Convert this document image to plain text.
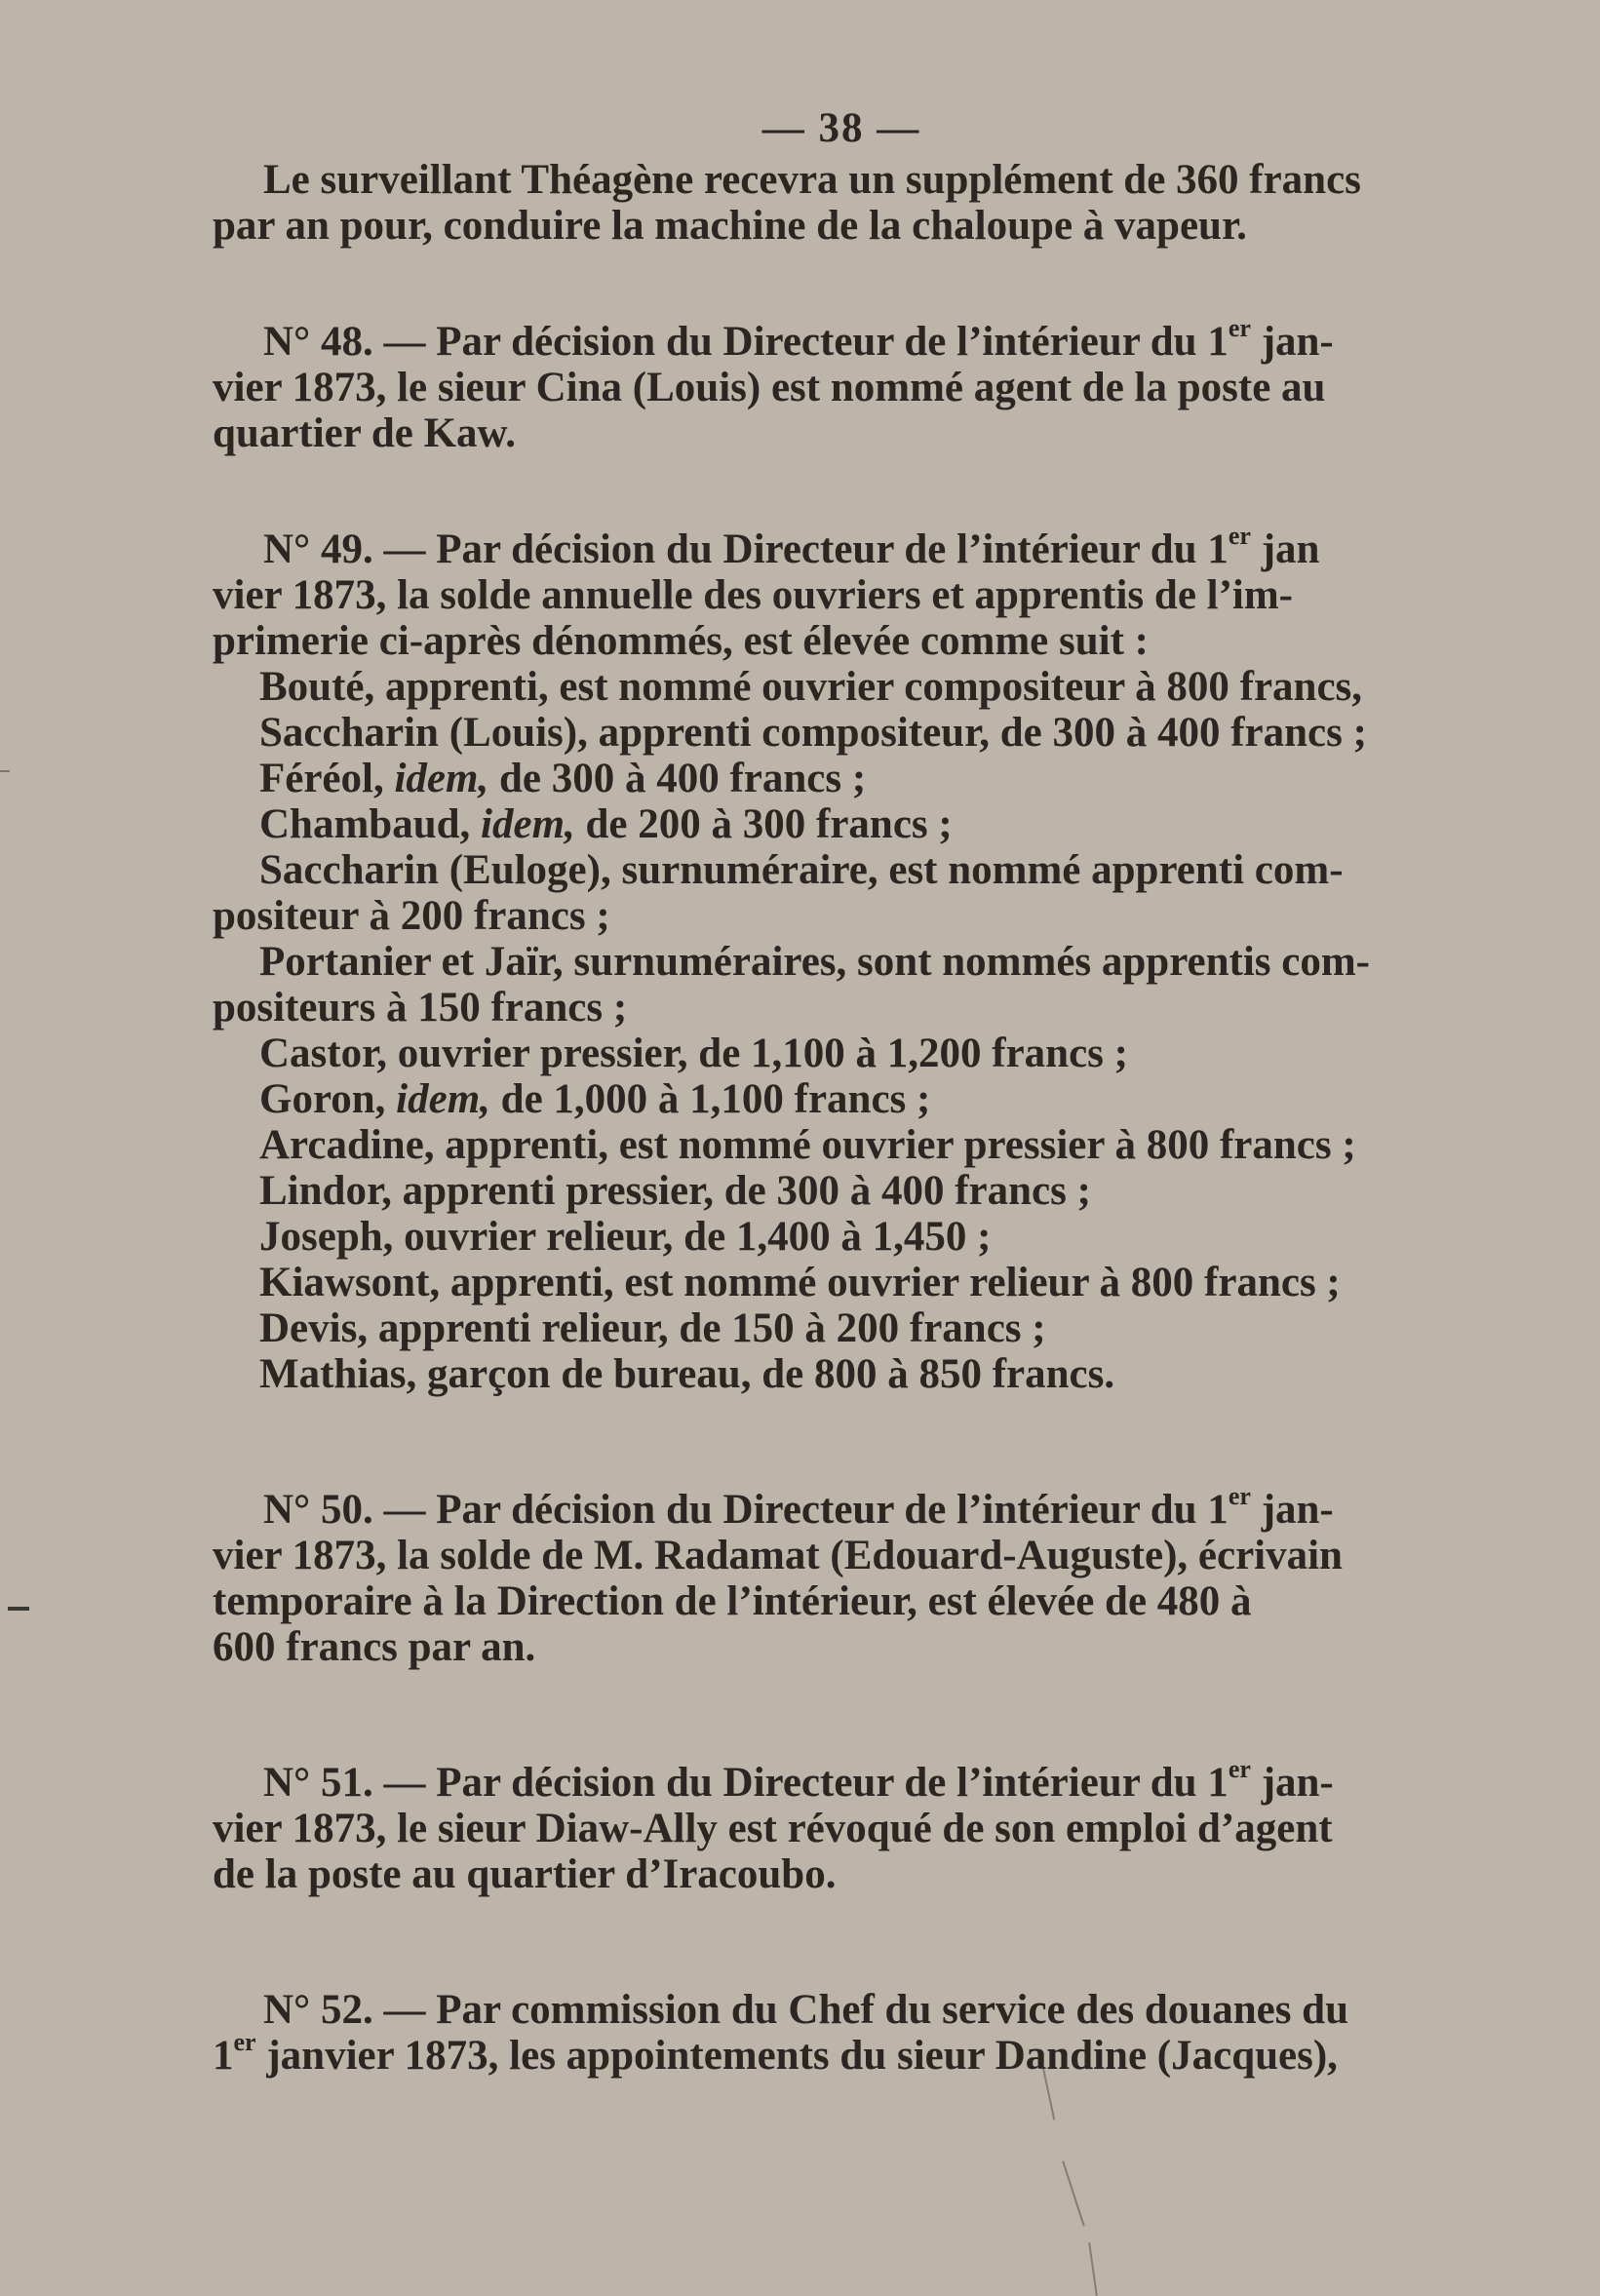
— 38 —

Le surveillant Théagène recevra un supplément de 360 francs

par an pour, conduire la machine de la chaloupe à vapeur.

N° 48. — Par décision du Directeur de l’intérieur du 1er jan-

vier 1873, le sieur Cina (Louis) est nommé agent de la poste au

quartier de Kaw.

N° 49. — Par décision du Directeur de l’intérieur du 1er jan

vier 1873, la solde annuelle des ouvriers et apprentis de l’im-

primerie ci-après dénommés, est élevée comme suit :

Bouté, apprenti, est nommé ouvrier compositeur à 800 francs,

Saccharin (Louis), apprenti compositeur, de 300 à 400 francs ;

Féréol, idem, de 300 à 400 francs ;

Chambaud, idem, de 200 à 300 francs ;

Saccharin (Euloge), surnuméraire, est nommé apprenti com-

positeur à 200 francs ;

Portanier et Jaïr, surnuméraires, sont nommés apprentis com-

positeurs à 150 francs ;

Castor, ouvrier pressier, de 1,100 à 1,200 francs ;

Goron, idem, de 1,000 à 1,100 francs ;

Arcadine, apprenti, est nommé ouvrier pressier à 800 francs ;

Lindor, apprenti pressier, de 300 à 400 francs ;

Joseph, ouvrier relieur, de 1,400 à 1,450 ;

Kiawsont, apprenti, est nommé ouvrier relieur à 800 francs ;

Devis, apprenti relieur, de 150 à 200 francs ;

Mathias, garçon de bureau, de 800 à 850 francs.

N° 50. — Par décision du Directeur de l’intérieur du 1er jan-

vier 1873, la solde de M. Radamat (Edouard-Auguste), écrivain

temporaire à la Direction de l’intérieur, est élevée de 480 à

600 francs par an.

N° 51. — Par décision du Directeur de l’intérieur du 1er jan-

vier 1873, le sieur Diaw-Ally est révoqué de son emploi d’agent

de la poste au quartier d’Iracoubo.

N° 52. — Par commission du Chef du service des douanes du

1er janvier 1873, les appointements du sieur Dandine (Jacques),
